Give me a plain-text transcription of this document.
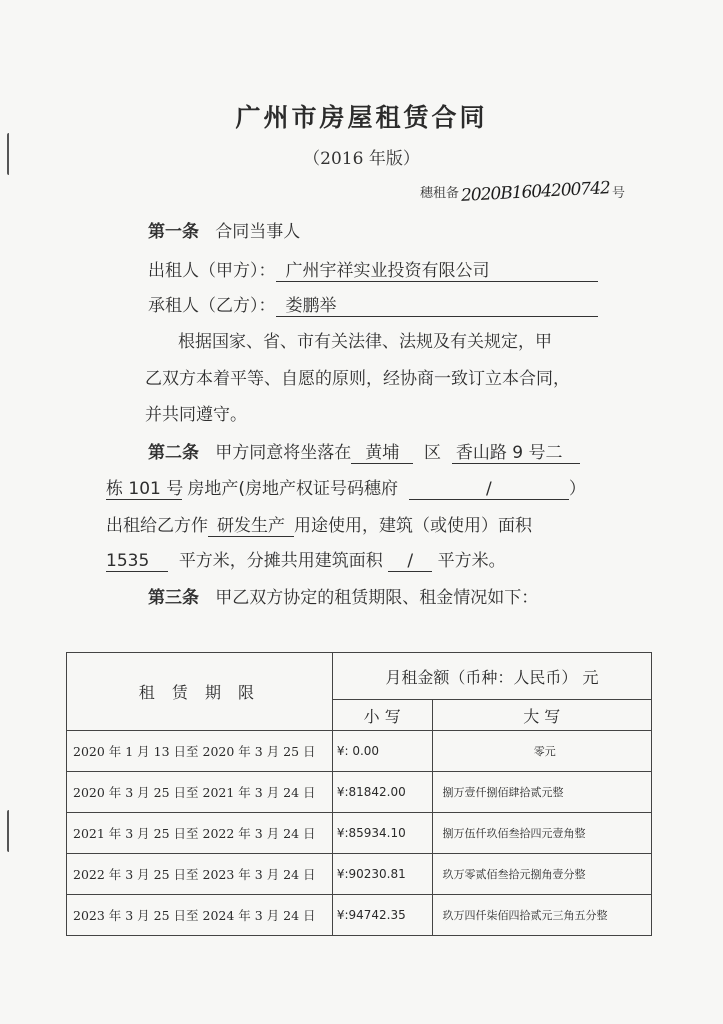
广州市房屋租赁合同
（2016 年版）
穗租备2020B1604200742 号
第一条 合同当事人
出租人（甲方）： 广州宇祥实业投资有限公司
承租人（乙方）： 娄鹏举
根据国家、省、市有关法律、法规及有关规定，甲
乙双方本着平等、自愿的原则，经协商一致订立本合同，
并共同遵守。
第二条 甲方同意将坐落在 黄埔 区 香山路 9 号二
栋 101 号 房地产(房地产权证号码穗府	/	）
出租给乙方作 研发生产 用途使用，建筑（或使用）面积
1535 平方米，分摊共用建筑面积 / 平方米。
第三条 甲乙双方协定的租赁期限、租金情况如下：
租 赁 期 限	月租金额（币种：人民币） 元	
	小 写	大 写
2020 年 1 月 13 日至 2020 年 3 月 25 日	¥: 0.00	零元
2020 年 3 月 25 日至 2021 年 3 月 24 日	¥:81842.00	捌万壹仟捌佰肆拾贰元整
2021 年 3 月 25 日至 2022 年 3 月 24 日	¥:85934.10	捌万伍仟玖佰叁拾四元壹角整
2022 年 3 月 25 日至 2023 年 3 月 24 日	¥:90230.81	玖万零贰佰叁拾元捌角壹分整
2023 年 3 月 25 日至 2024 年 3 月 24 日	¥:94742.35	玖万四仟柒佰四拾贰元三角五分整
